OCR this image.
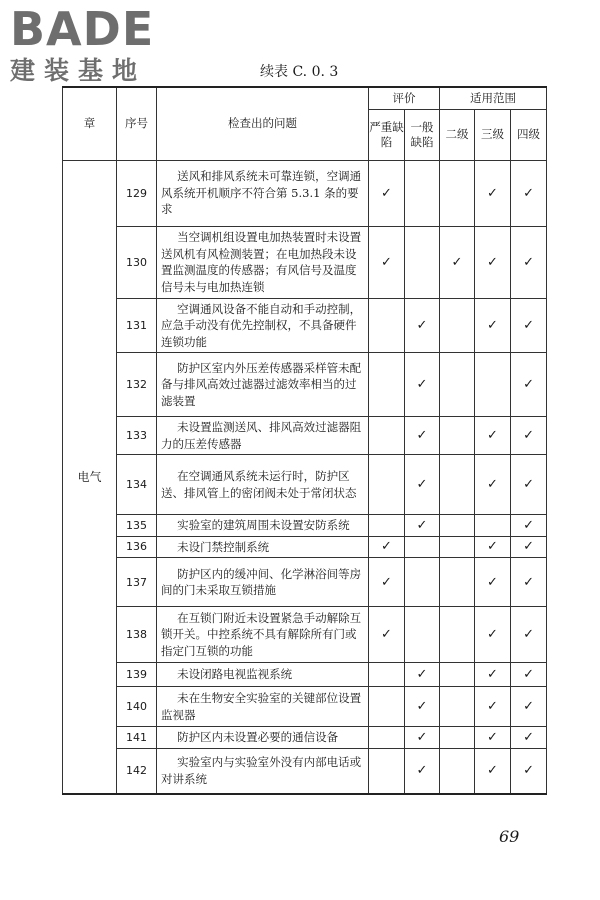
BADE
建装基地	续表 C. 0. 3
章	序号	检查出的问题	评价		适用范围		
			严重缺陷	一般缺陷	二级	三级	四级
电气	129	送风和排风系统未可靠连锁，空调通风系统开机顺序不符合第 5.3.1 条的要求	✓			✓	✓
	130	当空调机组设置电加热装置时未设置送风机有风检测装置；在电加热段未设置监测温度的传感器；有风信号及温度信号未与电加热连锁	✓		✓	✓	✓
	131	空调通风设备不能自动和手动控制，应急手动没有优先控制权，不具备硬件连锁功能		✓		✓	✓
	132	防护区室内外压差传感器采样管未配备与排风高效过滤器过滤效率相当的过滤装置		✓			✓
	133	未设置监测送风、排风高效过滤器阻力的压差传感器		✓		✓	✓
	134	在空调通风系统未运行时，防护区送、排风管上的密闭阀未处于常闭状态		✓		✓	✓
	135	实验室的建筑周围未设置安防系统		✓			✓
	136	未设门禁控制系统	✓			✓	✓
	137	防护区内的缓冲间、化学淋浴间等房间的门未采取互锁措施	✓			✓	✓
	138	在互锁门附近未设置紧急手动解除互锁开关。中控系统不具有解除所有门或指定门互锁的功能	✓			✓	✓
	139	未设闭路电视监视系统		✓		✓	✓
	140	未在生物安全实验室的关键部位设置监视器		✓		✓	✓
	141	防护区内未设置必要的通信设备		✓		✓	✓
	142	实验室内与实验室外没有内部电话或对讲系统		✓		✓	✓
69
